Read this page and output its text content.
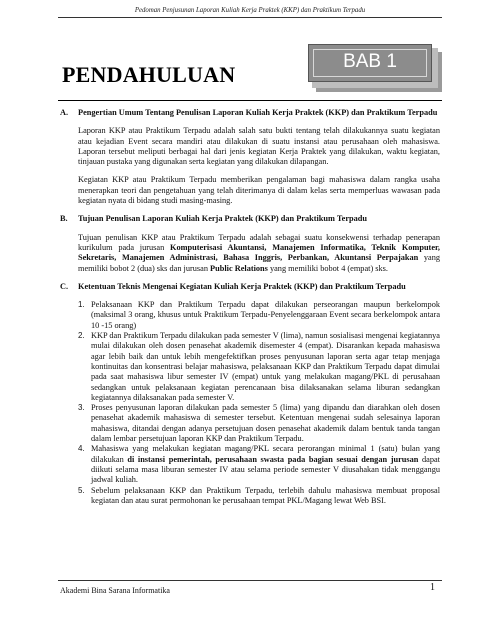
Pedoman Penjusunan Laporan Kuliah Kerja Praktek (KKP) dan Praktikum Terpadu
PENDAHULUAN
BAB 1
A.	Pengertian Umum Tentang Penulisan Laporan Kuliah Kerja Praktek (KKP) dan Praktikum Terpadu

Laporan KKP atau Praktikum Terpadu adalah salah satu bukti tentang telah dilakukannya suatu kegiatan atau kejadian Event secara mandiri atau dilakukan di suatu instansi atau perusahaan oleh mahasiswa. Laporan tersebut meliputi berbagai hal dari jenis kegiatan Kerja Praktek yang dilakukan, waktu kegiatan, tinjauan pustaka yang digunakan serta kegiatan yang dilakukan dilapangan.

Kegiatan KKP atau Praktikum Terpadu memberikan pengalaman bagi mahasiswa dalam rangka usaha menerapkan teori dan pengetahuan yang telah diterimanya di dalam kelas serta memperluas wawasan pada kegiatan nyata di bidang studi masing-masing.

B.	Tujuan Penulisan Laporan Kuliah Kerja Praktek (KKP) dan Praktikum Terpadu

Tujuan penulisan KKP atau Praktikum Terpadu adalah sebagai suatu konsekwensi terhadap penerapan kurikulum pada jurusan Komputerisasi Akuntansi, Manajemen Informatika, Teknik Komputer, Sekretaris, Manajemen Administrasi, Bahasa Inggris, Perbankan, Akuntansi Perpajakan yang memiliki bobot 2 (dua) sks dan jurusan Public Relations yang memiliki bobot 4 (empat) sks.

C.	Ketentuan Teknis Mengenai Kegiatan Kuliah Kerja Praktek (KKP) dan Praktikum Terpadu
1. Pelaksanaan KKP dan Praktikum Terpadu dapat dilakukan perseorangan maupun berkelompok (maksimal 3 orang, khusus untuk Praktikum Terpadu-Penyelenggaraan Event secara berkelompok antara 10 -15 orang)
2. KKP dan Praktikum Terpadu dilakukan pada semester V (lima), namun sosialisasi mengenai kegiatannya mulai dilakukan oleh dosen penasehat akademik disemester 4 (empat). Disarankan kepada mahasiswa agar lebih baik dan untuk lebih mengefektifkan proses penyusunan laporan serta agar tetap menjaga kontinuitas dan konsentrasi belajar mahasiswa, pelaksanaan KKP dan Praktikum Terpadu dapat dimulai pada saat mahasiswa libur semester IV (empat) untuk yang melakukan magang/PKL di perusahaan sedangkan untuk pelaksanaan kegiatan perencanaan bisa dilaksanakan selama liburan sedangkan kegiatannya dilaksanakan pada semester V.
3. Proses penyusunan laporan dilakukan pada semester 5 (lima) yang dipandu dan diarahkan oleh dosen penasehat akademik mahasiswa di semester tersebut. Ketentuan mengenai sudah selesainya laporan mahasiswa, ditandai dengan adanya persetujuan dosen penasehat akademik dalam bentuk tanda tangan dalam lembar persetujuan laporan KKP dan Praktikum Terpadu.
4. Mahasiswa yang melakukan kegiatan magang/PKL secara perorangan minimal 1 (satu) bulan yang dilakukan di instansi pemerintah, perusahaan swasta pada bagian sesuai dengan jurusan dapat diikuti selama masa liburan semester IV atau selama periode semester V diusahakan tidak menggangu jadwal kuliah.
5. Sebelum pelaksanaan KKP dan Praktikum Terpadu, terlebih dahulu mahasiswa membuat proposal kegiatan dan atau surat permohonan ke perusahaan tempat PKL/Magang lewat Web BSI.
Akademi Bina Sarana Informatika	1
